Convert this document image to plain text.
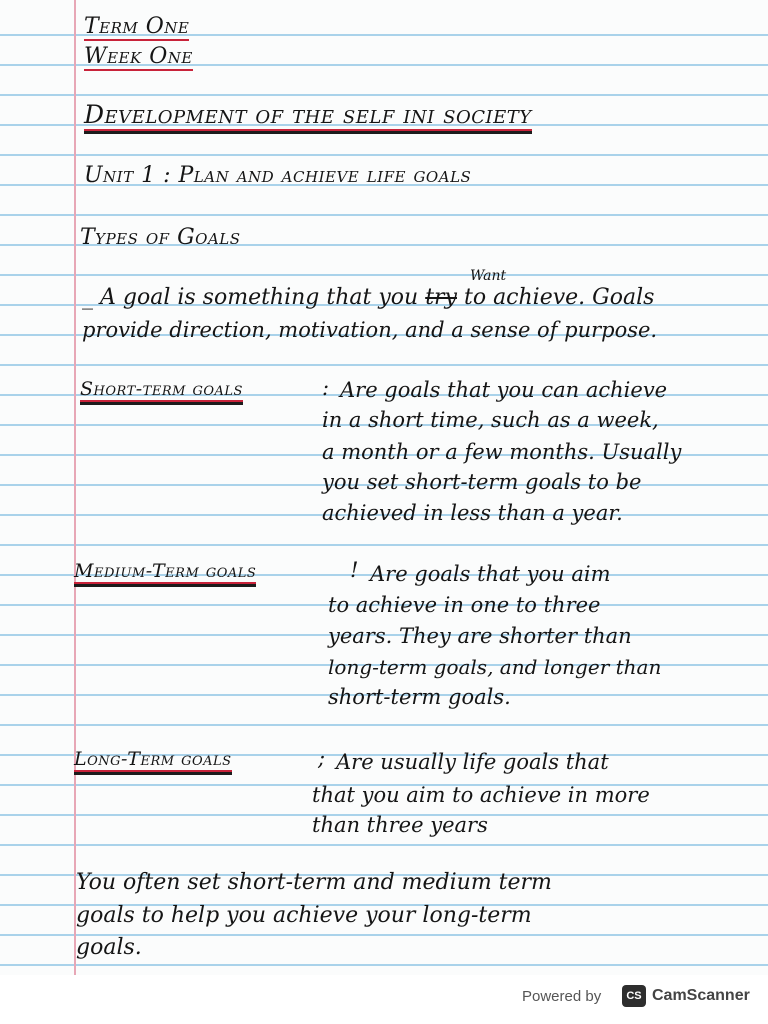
Term One
Week One
Development of the self ini society
Unit 1 : Plan and achieve life goals
Types of Goals
Want
_ A goal is something that you try to achieve. Goals
provide direction, motivation, and a sense of purpose.
Short-term goals	: Are goals that you can achieve
in a short time, such as a week,
a month or a few months. Usually
you set short-term goals to be
achieved in less than a year.
Medium-Term goals	! Are goals that you aim
to achieve in one to three
years. They are shorter than
long-term goals, and longer than
short-term goals.
Long-Term goals	; Are usually life goals that
that you aim to achieve in more
than three years
You often set short-term and medium term
goals to help you achieve your long-term
goals.
Powered by	CS CamScanner
